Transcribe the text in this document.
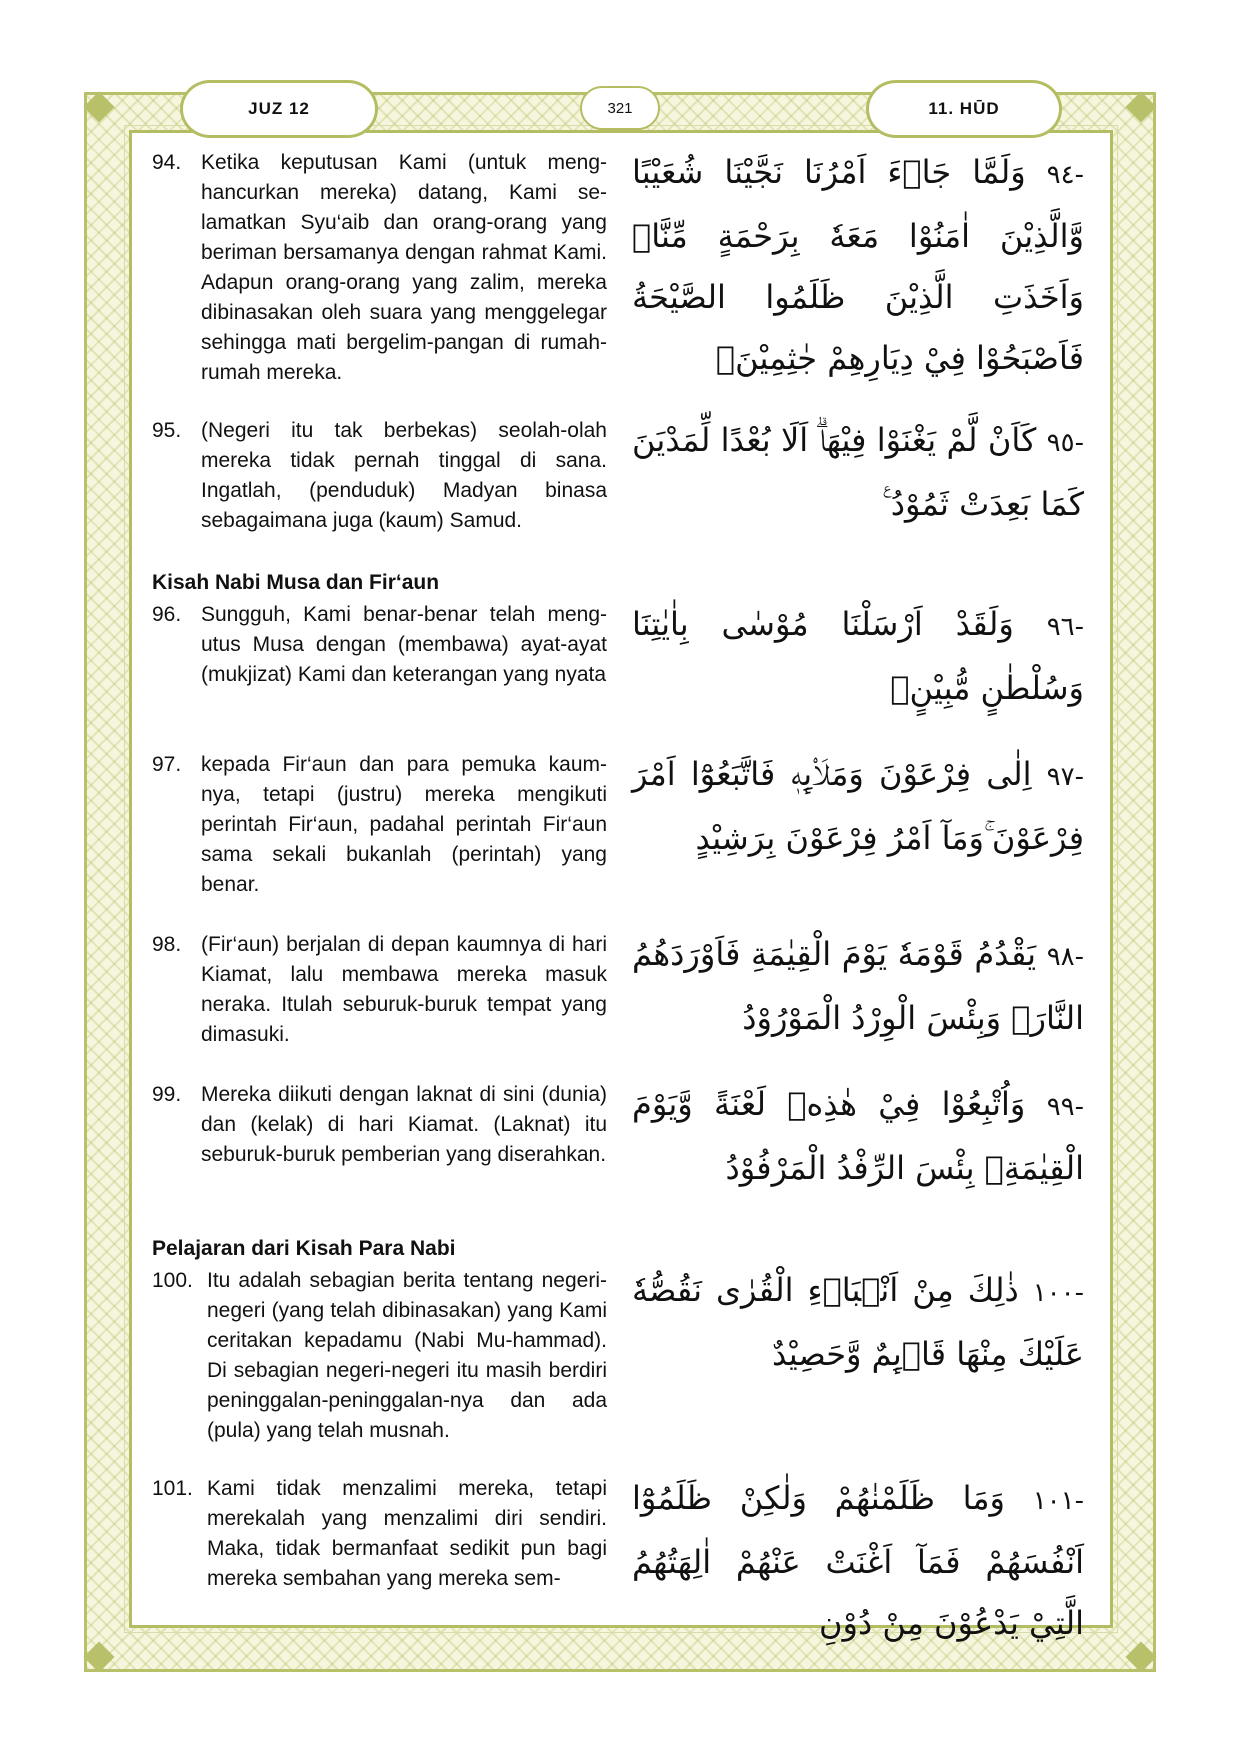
JUZ 12	321	11. HŪD
94. Ketika keputusan Kami (untuk meng-hancurkan mereka) datang, Kami se-lamatkan Syu‘aib dan orang-orang yang beriman bersamanya dengan rahmat Kami. Adapun orang-orang yang zalim, mereka dibinasakan oleh suara yang menggelegar sehingga mati bergelim-pangan di rumah-rumah mereka.
-٩٤ وَلَمَّا جَاۤءَ اَمْرُنَا نَجَّيْنَا شُعَيْبًا وَّالَّذِيْنَ اٰمَنُوْا مَعَهٗ بِرَحْمَةٍ مِّنَّاۚ وَاَخَذَتِ الَّذِيْنَ ظَلَمُوا الصَّيْحَةُ فَاَصْبَحُوْا فِيْ دِيَارِهِمْ جٰثِمِيْنَۙ
95. (Negeri itu tak berbekas) seolah-olah mereka tidak pernah tinggal di sana. Ingatlah, (penduduk) Madyan binasa sebagaimana juga (kaum) Samud.
-٩٥ كَاَنْ لَّمْ يَغْنَوْا فِيْهَاۗ اَلَا بُعْدًا لِّمَدْيَنَ كَمَا بَعِدَتْ ثَمُوْدُ ࣖ
Kisah Nabi Musa dan Fir‘aun
96. Sungguh, Kami benar-benar telah meng-utus Musa dengan (membawa) ayat-ayat (mukjizat) Kami dan keterangan yang nyata
-٩٦ وَلَقَدْ اَرْسَلْنَا مُوْسٰى بِاٰيٰتِنَا وَسُلْطٰنٍ مُّبِيْنٍۙ
97. kepada Fir‘aun dan para pemuka kaum-nya, tetapi (justru) mereka mengikuti perintah Fir‘aun, padahal perintah Fir‘aun sama sekali bukanlah (perintah) yang benar.
-٩٧ اِلٰى فِرْعَوْنَ وَمَلَا۟ىِٕهٖ فَاتَّبَعُوْٓا اَمْرَ فِرْعَوْنَ ۚوَمَآ اَمْرُ فِرْعَوْنَ بِرَشِيْدٍ
98. (Fir‘aun) berjalan di depan kaumnya di hari Kiamat, lalu membawa mereka masuk neraka. Itulah seburuk-buruk tempat yang dimasuki.
-٩٨ يَقْدُمُ قَوْمَهٗ يَوْمَ الْقِيٰمَةِ فَاَوْرَدَهُمُ النَّارَۗ وَبِئْسَ الْوِرْدُ الْمَوْرُوْدُ
99. Mereka diikuti dengan laknat di sini (dunia) dan (kelak) di hari Kiamat. (Laknat) itu seburuk-buruk pemberian yang diserahkan.
-٩٩ وَاُتْبِعُوْا فِيْ هٰذِهٖ لَعْنَةً وَّيَوْمَ الْقِيٰمَةِۗ بِئْسَ الرِّفْدُ الْمَرْفُوْدُ
Pelajaran dari Kisah Para Nabi
100. Itu adalah sebagian berita tentang negeri-negeri (yang telah dibinasakan) yang Kami ceritakan kepadamu (Nabi Mu-hammad). Di sebagian negeri-negeri itu masih berdiri peninggalan-peninggalan-nya dan ada (pula) yang telah musnah.
-١٠٠ ذٰلِكَ مِنْ اَنْۢبَاۤءِ الْقُرٰى نَقُصُّهٗ عَلَيْكَ مِنْهَا قَاۤىِٕمٌ وَّحَصِيْدٌ
101. Kami tidak menzalimi mereka, tetapi merekalah yang menzalimi diri sendiri. Maka, tidak bermanfaat sedikit pun bagi mereka sembahan yang mereka sem-
-١٠١ وَمَا ظَلَمْنٰهُمْ وَلٰكِنْ ظَلَمُوْٓا اَنْفُسَهُمْ فَمَآ اَغْنَتْ عَنْهُمْ اٰلِهَتُهُمُ الَّتِيْ يَدْعُوْنَ مِنْ دُوْنِ
